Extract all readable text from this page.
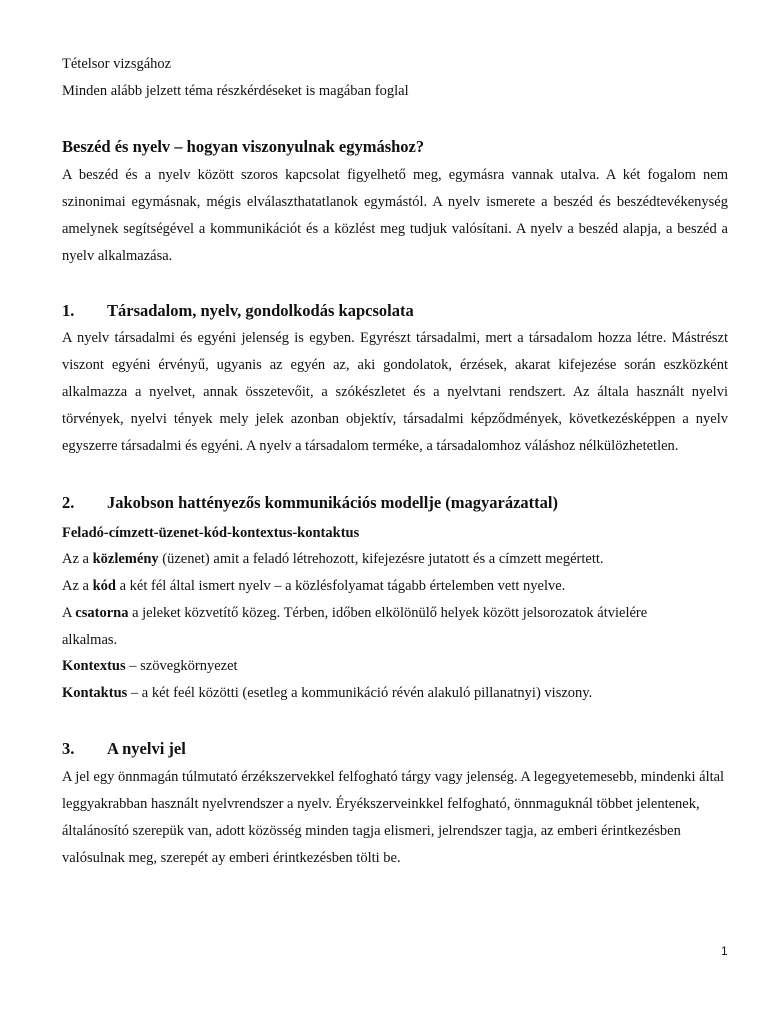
Tételsor vizsgához
Minden alább jelzett téma részkérdéseket is magában foglal
Beszéd és nyelv – hogyan viszonyulnak egymáshoz?

A beszéd és a nyelv között szoros kapcsolat figyelhető meg, egymásra vannak utalva. A két fogalom nem szinonimai egymásnak, mégis elválaszthatatlanok egymástól. A nyelv ismerete a beszéd és beszédtevékenység amelynek segítségével a kommunikációt és a közlést meg tudjuk valósítani. A nyelv a beszéd alapja, a beszéd a nyelv alkalmazása.

1. Társadalom, nyelv, gondolkodás kapcsolata

A nyelv társadalmi és egyéni jelenség is egyben. Egyrészt társadalmi, mert a társadalom hozza létre. Mástrészt viszont egyéni érvényű, ugyanis az egyén az, aki gondolatok, érzések, akarat kifejezése során eszközként alkalmazza a nyelvet, annak összetevőit, a szókészletet és a nyelvtani rendszert. Az általa használt nyelvi törvények, nyelvi tények mely jelek azonban objektív, társadalmi képződmények, következésképpen a nyelv egyszerre társadalmi és egyéni. A nyelv a társadalom terméke, a társadalomhoz váláshoz nélkülözhetetlen.

2. Jakobson hattényezős kommunikációs modellje (magyarázattal)
Feladó-címzett-üzenet-kód-kontextus-kontaktus
Az a közlemény (üzenet) amit a feladó létrehozott, kifejezésre jutatott és a címzett megértett.
Az a kód a két fél által ismert nyelv – a közlésfolyamat tágabb értelemben vett nyelve.
A csatorna a jeleket közvetítő közeg. Térben, időben elkölönülő helyek között jelsorozatok átvielére
alkalmas.
Kontextus – szövegkörnyezet
Kontaktus – a két feél közötti (esetleg a kommunikáció révén alakuló pillanatnyi) viszony.
3. A nyelvi jel

A jel egy önnmagán túlmutató érzékszervekkel felfogható tárgy vagy jelenség. A legegyetemesebb, mindenki által leggyakrabban használt nyelvrendszer a nyelv. Éryékszerveinkkel felfogható, önnmaguknál többet jelentenek, általánosító szerepük van, adott közösség minden tagja elismeri, jelrendszer tagja, az emberi érintkezésben valósulnak meg, szerepét ay emberi érintkezésben tölti be.

1
